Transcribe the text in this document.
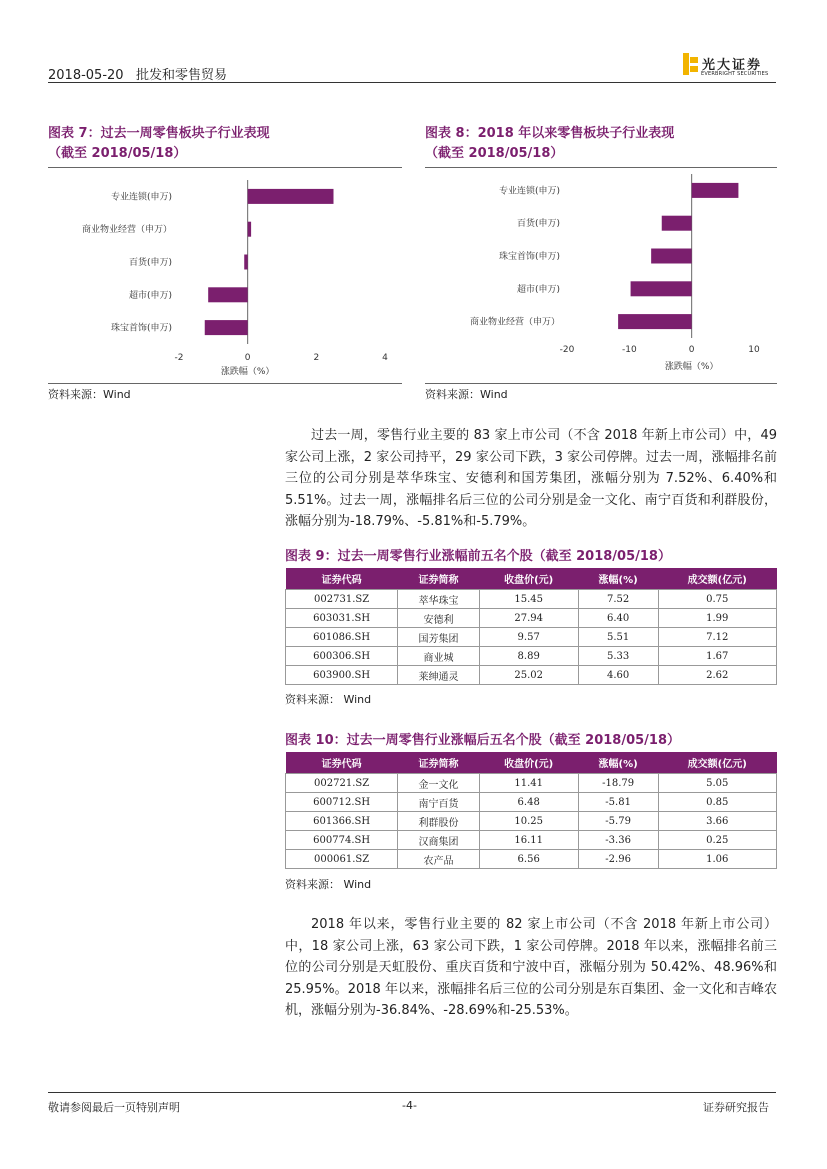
2018-05-20 批发和零售贸易
光大证券
EVERBRIGHT SECURITIES
图表 7：过去一周零售板块子行业表现
（截至 2018/05/18）
专业连锁(申万)
商业物业经营（申万）
百货(申万)
超市(申万)
珠宝首饰(申万)
-2	0	2	4
涨跌幅（%）
资料来源：Wind
图表 8：2018 年以来零售板块子行业表现
（截至 2018/05/18）
专业连锁(申万)
百货(申万)
珠宝首饰(申万)
超市(申万)
商业物业经营（申万）
-20	-10	0	10
涨跌幅（%）
资料来源：Wind
过去一周，零售行业主要的 83 家上市公司（不含 2018 年新上市公司）中，49 家公司上涨，2 家公司持平，29 家公司下跌，3 家公司停牌。过去一周，涨幅排名前三位的公司分别是萃华珠宝、安德利和国芳集团，涨幅分别为 7.52%、6.40%和 5.51%。过去一周，涨幅排名后三位的公司分别是金一文化、南宁百货和利群股份，涨幅分别为-18.79%、-5.81%和-5.79%。
图表 9：过去一周零售行业涨幅前五名个股（截至 2018/05/18）
证券代码	证券简称	收盘价(元)	涨幅(%)	成交额(亿元)
002731.SZ	萃华珠宝	15.45	7.52	0.75
603031.SH	安德利	27.94	6.40	1.99
601086.SH	国芳集团	9.57	5.51	7.12
600306.SH	商业城	8.89	5.33	1.67
603900.SH	莱绅通灵	25.02	4.60	2.62
资料来源： Wind
图表 10：过去一周零售行业涨幅后五名个股（截至 2018/05/18）
证券代码	证券简称	收盘价(元)	涨幅(%)	成交额(亿元)
002721.SZ	金一文化	11.41	-18.79	5.05
600712.SH	南宁百货	6.48	-5.81	0.85
601366.SH	利群股份	10.25	-5.79	3.66
600774.SH	汉商集团	16.11	-3.36	0.25
000061.SZ	农产品	6.56	-2.96	1.06
资料来源： Wind
2018 年以来，零售行业主要的 82 家上市公司（不含 2018 年新上市公司）中，18 家公司上涨，63 家公司下跌，1 家公司停牌。2018 年以来，涨幅排名前三位的公司分别是天虹股份、重庆百货和宁波中百，涨幅分别为 50.42%、48.96%和 25.95%。2018 年以来，涨幅排名后三位的公司分别是东百集团、金一文化和吉峰农机，涨幅分别为-36.84%、-28.69%和-25.53%。
敬请参阅最后一页特别声明	-4-	证券研究报告
